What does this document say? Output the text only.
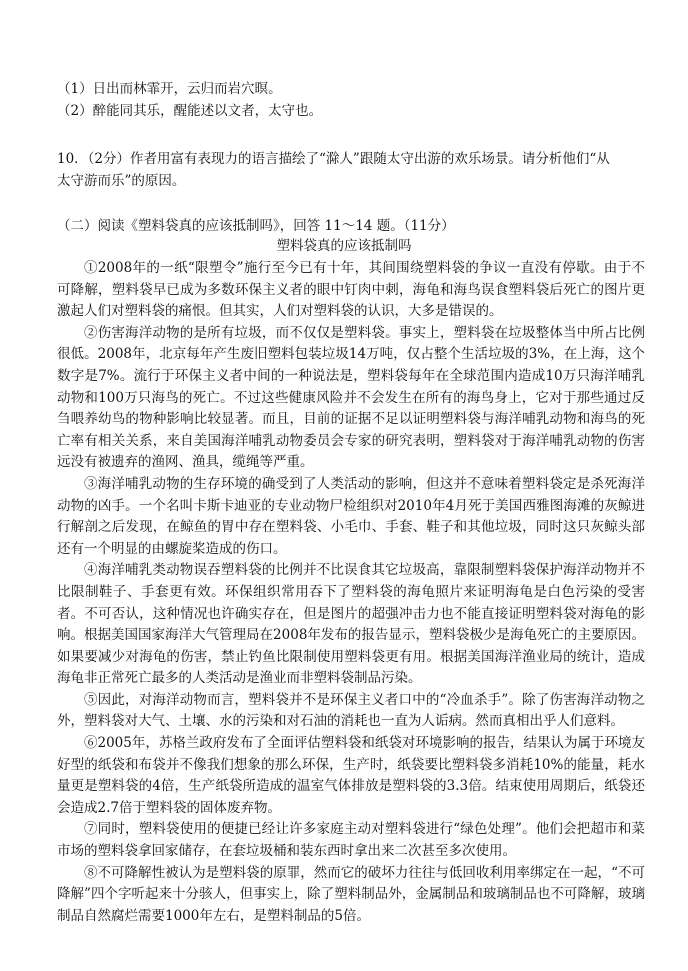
（1）日出而林霏开，云归而岩穴暝。
（2）醉能同其乐，醒能述以文者，太守也。
10．（2分）作者用富有表现力的语言描绘了“滁人”跟随太守出游的欢乐场景。请分析他们“从
太守游而乐”的原因。
（二）阅读《塑料袋真的应该抵制吗》，回答 11～14 题。（11分）
塑料袋真的应该抵制吗
①2008年的一纸“限塑令”施行至今已有十年，其间围绕塑料袋的争议一直没有停歇。由于不可降解，塑料袋早已成为多数环保主义者的眼中钉肉中刺，海龟和海鸟误食塑料袋后死亡的图片更激起人们对塑料袋的痛恨。但其实，人们对塑料袋的认识，大多是错误的。
②伤害海洋动物的是所有垃圾，而不仅仅是塑料袋。事实上，塑料袋在垃圾整体当中所占比例很低。2008年，北京每年产生废旧塑料包装垃圾14万吨，仅占整个生活垃圾的3%，在上海，这个数字是7%。流行于环保主义者中间的一种说法是，塑料袋每年在全球范围内造成10万只海洋哺乳动物和100万只海鸟的死亡。不过这些健康风险并不会发生在所有的海鸟身上，它对于那些通过反刍喂养幼鸟的物种影响比较显著。而且，目前的证据不足以证明塑料袋与海洋哺乳动物和海鸟的死亡率有相关关系，来自美国海洋哺乳动物委员会专家的研究表明，塑料袋对于海洋哺乳动物的伤害远没有被遗弃的渔网、渔具，缆绳等严重。
③海洋哺乳动物的生存环境的确受到了人类活动的影响，但这并不意味着塑料袋定是杀死海洋动物的凶手。一个名叫卡斯卡迪亚的专业动物尸检组织对2010年4月死于美国西雅图海滩的灰鲸进行解剖之后发现，在鲸鱼的胃中存在塑料袋、小毛巾、手套、鞋子和其他垃圾，同时这只灰鲸头部还有一个明显的由螺旋桨造成的伤口。
④海洋哺乳类动物误吞塑料袋的比例并不比误食其它垃圾高，靠限制塑料袋保护海洋动物并不比限制鞋子、手套更有效。环保组织常用吞下了塑料袋的海龟照片来证明海龟是白色污染的受害者。不可否认，这种情况也许确实存在，但是图片的超强冲击力也不能直接证明塑料袋对海龟的影响。根据美国国家海洋大气管理局在2008年发布的报告显示，塑料袋极少是海龟死亡的主要原因。如果要减少对海龟的伤害，禁止钓鱼比限制使用塑料袋更有用。根据美国海洋渔业局的统计，造成海龟非正常死亡最多的人类活动是渔业而非塑料袋制品污染。
⑤因此，对海洋动物而言，塑料袋并不是环保主义者口中的“冷血杀手”。除了伤害海洋动物之外，塑料袋对大气、土壤、水的污染和对石油的消耗也一直为人诟病。然而真相出乎人们意料。
⑥2005年，苏格兰政府发布了全面评估塑料袋和纸袋对环境影响的报告，结果认为属于环境友好型的纸袋和布袋并不像我们想象的那么环保，生产时，纸袋要比塑料袋多消耗10%的能量，耗水量更是塑料袋的4倍，生产纸袋所造成的温室气体排放是塑料袋的3.3倍。结束使用周期后，纸袋还会造成2.7倍于塑料袋的固体废弃物。
⑦同时，塑料袋使用的便捷已经让许多家庭主动对塑料袋进行“绿色处理”。他们会把超市和菜市场的塑料袋拿回家储存，在套垃圾桶和装东西时拿出来二次甚至多次使用。
⑧不可降解性被认为是塑料袋的原罪，然而它的破坏力往往与低回收利用率绑定在一起，“不可降解”四个字听起来十分骇人，但事实上，除了塑料制品外，金属制品和玻璃制品也不可降解，玻璃制品自然腐烂需要1000年左右，是塑料制品的5倍。
